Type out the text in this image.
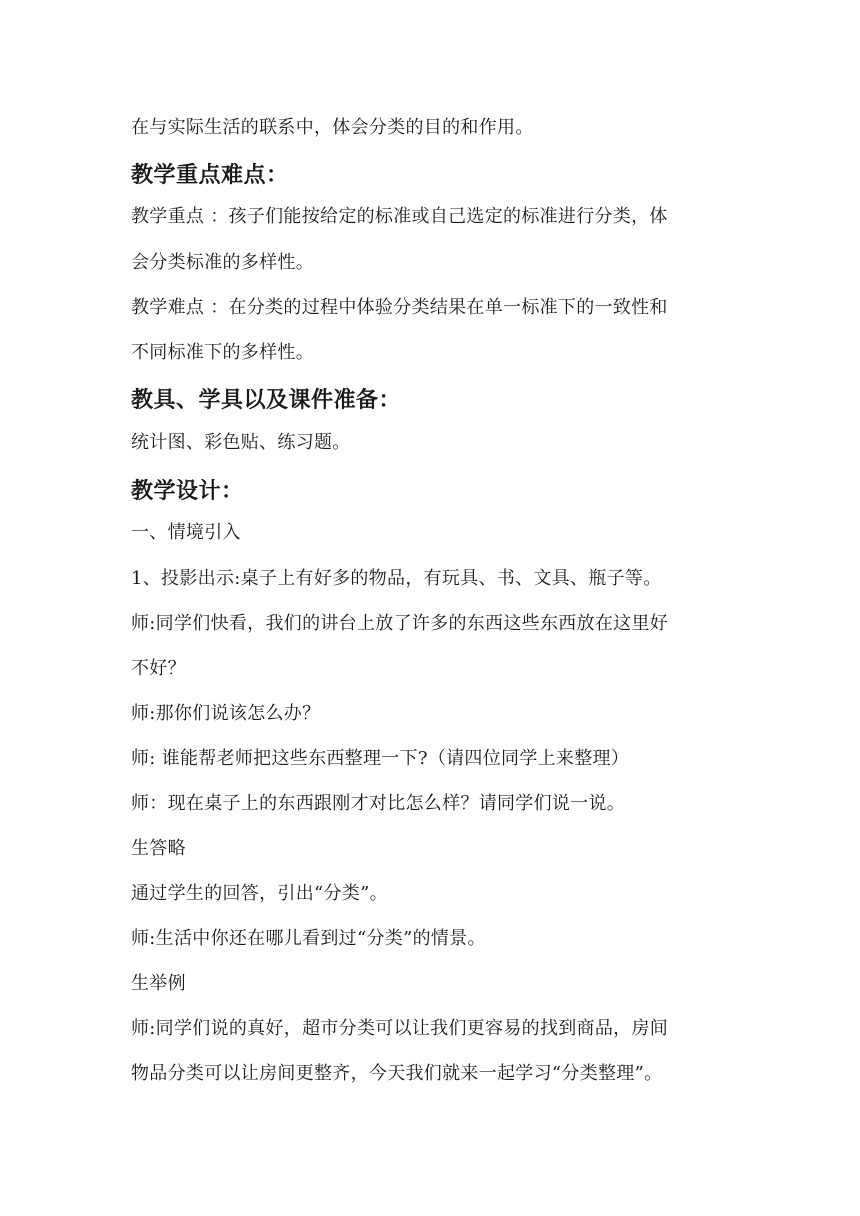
在与实际生活的联系中，体会分类的目的和作用。
教学重点难点：
教学重点 ：孩子们能按给定的标准或自己选定的标准进行分类，体
会分类标准的多样性。
教学难点 ：在分类的过程中体验分类结果在单一标准下的一致性和
不同标准下的多样性。
教具、学具以及课件准备：
统计图、彩色贴、练习题。
教学设计：
一、情境引入
1、投影出示:桌子上有好多的物品，有玩具、书、文具、瓶子等。
师:同学们快看，我们的讲台上放了许多的东西这些东西放在这里好
不好？
师:那你们说该怎么办？
师: 谁能帮老师把这些东西整理一下?（请四位同学上来整理）
师：现在桌子上的东西跟刚才对比怎么样？请同学们说一说。
生答略
通过学生的回答，引出“分类”。
师:生活中你还在哪儿看到过“分类”的情景。
生举例
师:同学们说的真好，超市分类可以让我们更容易的找到商品，房间
物品分类可以让房间更整齐，今天我们就来一起学习“分类整理”。
